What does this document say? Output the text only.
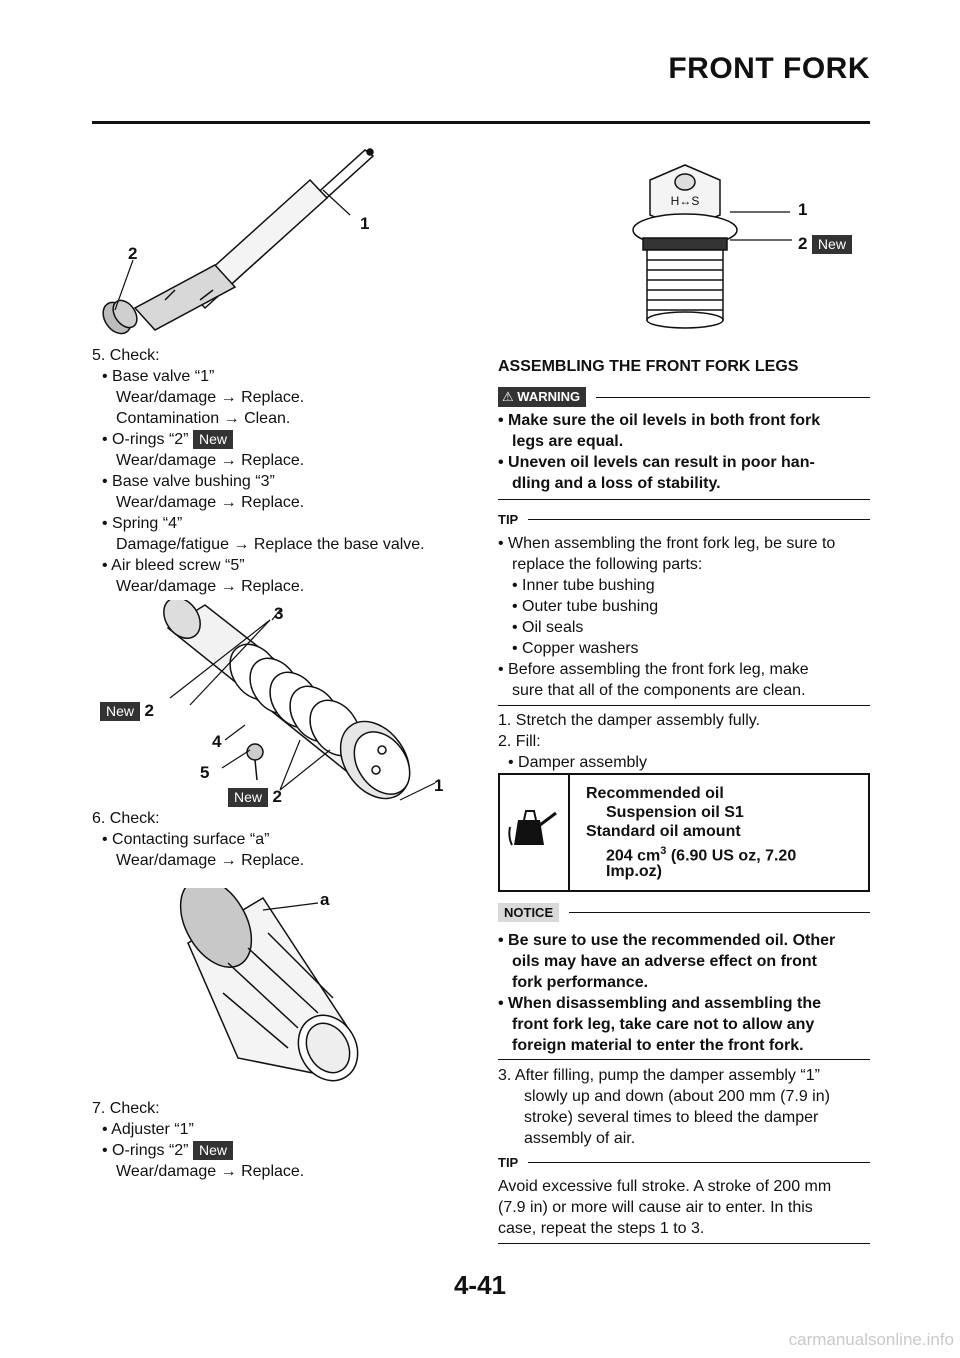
FRONT FORK
1
2
5. Check:
• Base valve “1”
Wear/damage → Replace.
Contamination → Clean.
• O-rings “2” New
Wear/damage → Replace.
• Base valve bushing “3”
Wear/damage → Replace.
• Spring “4”
Damage/fatigue → Replace the base valve.
• Air bleed screw “5”
Wear/damage → Replace.
3
New 2
4
5
New 2
1
6. Check:
• Contacting surface “a”
Wear/damage → Replace.
a
7. Check:
• Adjuster “1”
• O-rings “2” New
Wear/damage → Replace.
H↔S	1
2 New
ASSEMBLING THE FRONT FORK LEGS
⚠ WARNING
• Make sure the oil levels in both front fork
legs are equal.
• Uneven oil levels can result in poor han-
dling and a loss of stability.
TIP
• When assembling the front fork leg, be sure to
replace the following parts:
• Inner tube bushing
• Outer tube bushing
• Oil seals
• Copper washers
• Before assembling the front fork leg, make
sure that all of the components are clean.
1. Stretch the damper assembly fully.
2. Fill:
• Damper assembly
Recommended oil
Suspension oil S1
Standard oil amount
204 $cm^3$ (6.90 US oz, 7.20
Imp.oz)
NOTICE
• Be sure to use the recommended oil. Other
oils may have an adverse effect on front
fork performance.
• When disassembling and assembling the
front fork leg, take care not to allow any
foreign material to enter the front fork.
3. After filling, pump the damper assembly “1”
slowly up and down (about 200 mm (7.9 in)
stroke) several times to bleed the damper
assembly of air.
TIP
Avoid excessive full stroke. A stroke of 200 mm
(7.9 in) or more will cause air to enter. In this
case, repeat the steps 1 to 3.
4-41
carmanualsonline.info
